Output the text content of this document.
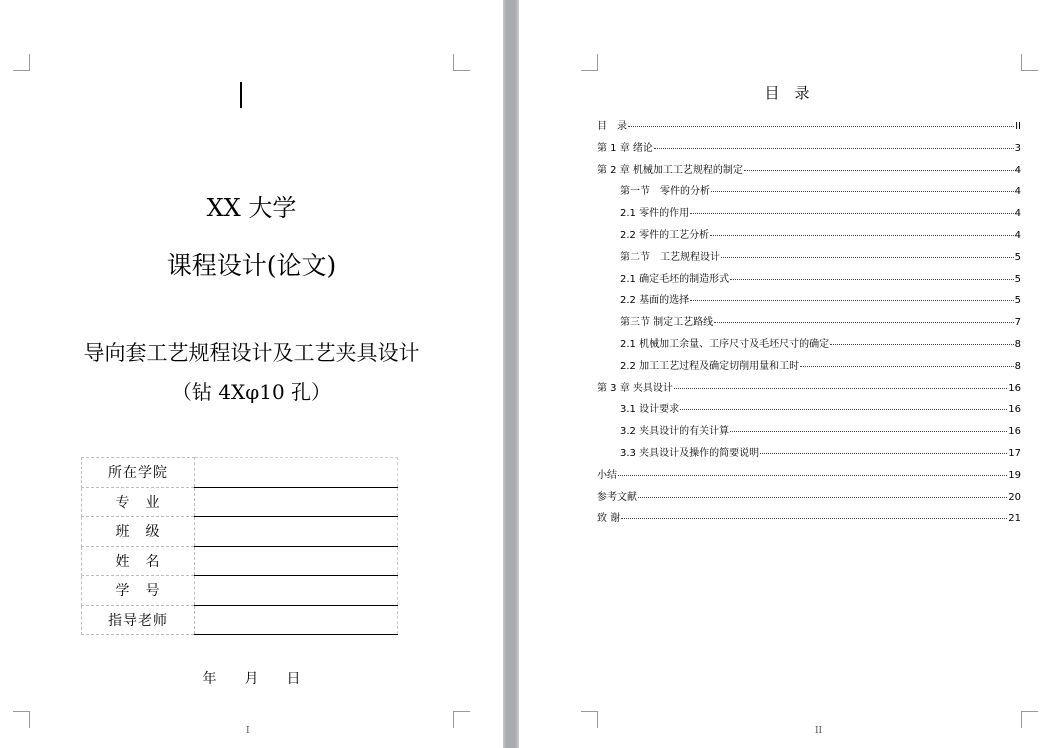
XX 大学
课程设计(论文)
导向套工艺规程设计及工艺夹具设计
（钻 4Xφ10 孔）
所在学院	
专　业	
班　级	
姓　名	
学　号	
指导老师	
年 月 日
I
目　录
目　录	II
第 1 章 绪论	3
第 2 章 机械加工工艺规程的制定	4
第一节　零件的分析	4
2.1 零件的作用	4
2.2 零件的工艺分析	4
第二节　工艺规程设计	5
2.1 确定毛坯的制造形式	5
2.2 基面的选择	5
第三节 制定工艺路线	7
2.1 机械加工余量、工序尺寸及毛坯尺寸的确定	8
2.2 加工工艺过程及确定切削用量和工时	8
第 3 章 夹具设计	16
3.1 设计要求	16
3.2 夹具设计的有关计算	16
3.3 夹具设计及操作的简要说明	17
小结	19
参考文献	20
致 谢	21
II
